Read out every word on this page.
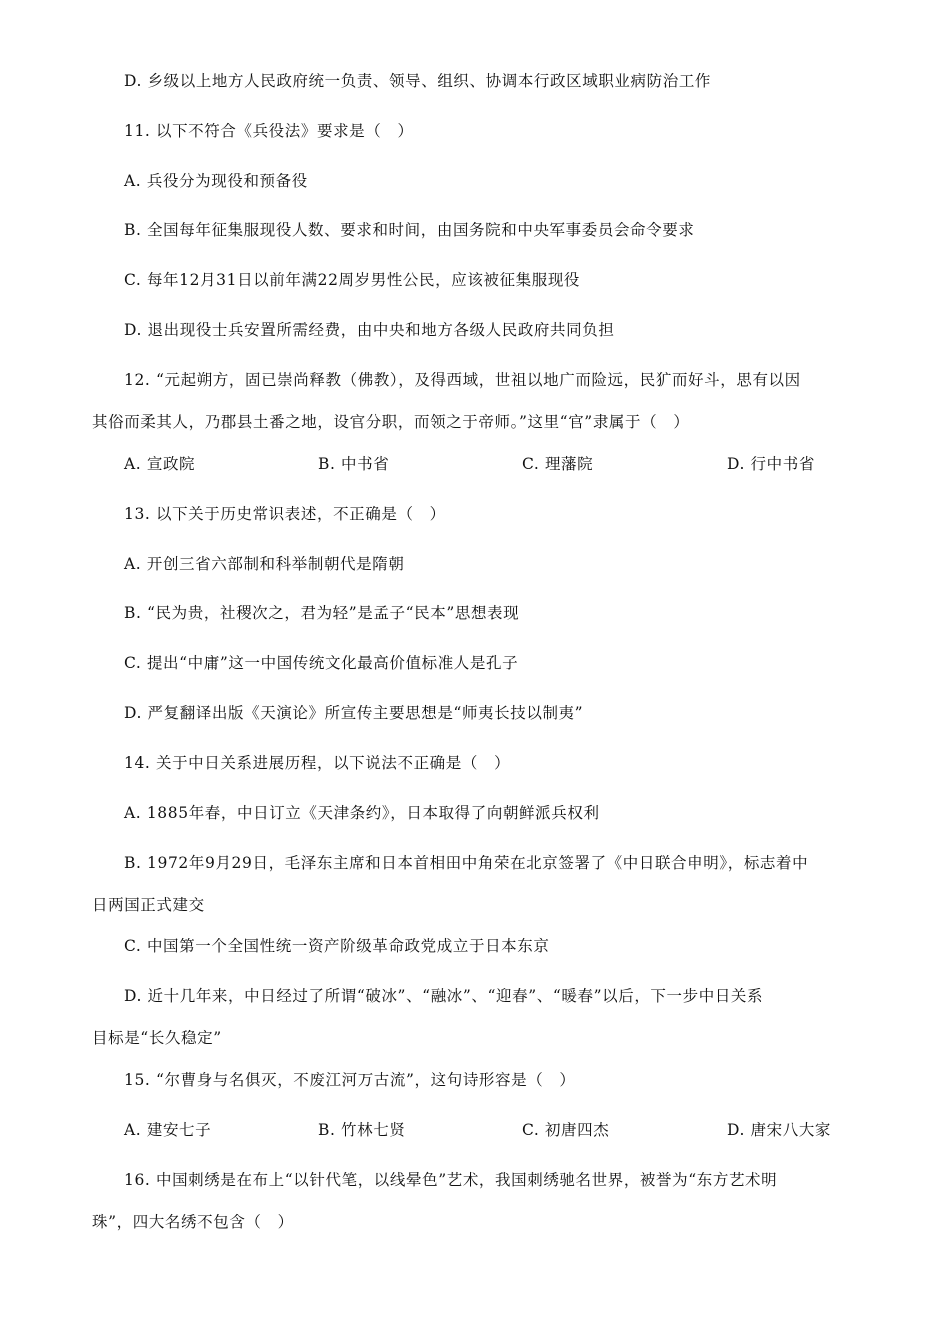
D. 乡级以上地方人民政府统一负责、领导、组织、协调本行政区域职业病防治工作
11. 以下不符合《兵役法》要求是（　）
A. 兵役分为现役和预备役
B. 全国每年征集服现役人数、要求和时间，由国务院和中央军事委员会命令要求
C. 每年12月31日以前年满22周岁男性公民，应该被征集服现役
D. 退出现役士兵安置所需经费，由中央和地方各级人民政府共同负担
12. “元起朔方，固已崇尚释教（佛教），及得西域，世祖以地广而险远，民犷而好斗，思有以因
其俗而柔其人，乃郡县土番之地，设官分职，而领之于帝师。”这里“官”隶属于（　）
A. 宣政院	B. 中书省	C. 理藩院	D. 行中书省
13. 以下关于历史常识表述，不正确是（　）
A. 开创三省六部制和科举制朝代是隋朝
B. “民为贵，社稷次之，君为轻”是孟子“民本”思想表现
C. 提出“中庸”这一中国传统文化最高价值标准人是孔子
D. 严复翻译出版《天演论》所宣传主要思想是“师夷长技以制夷”
14. 关于中日关系进展历程，以下说法不正确是（　）
A. 1885年春，中日订立《天津条约》，日本取得了向朝鲜派兵权利
B. 1972年9月29日，毛泽东主席和日本首相田中角荣在北京签署了《中日联合申明》，标志着中
日两国正式建交
C. 中国第一个全国性统一资产阶级革命政党成立于日本东京
D. 近十几年来，中日经过了所谓“破冰”、“融冰”、“迎春”、“暖春”以后，下一步中日关系
目标是“长久稳定”
15. “尔曹身与名俱灭，不废江河万古流”，这句诗形容是（　）
A. 建安七子	B. 竹林七贤	C. 初唐四杰	D. 唐宋八大家
16. 中国刺绣是在布上“以针代笔，以线晕色”艺术，我国刺绣驰名世界，被誉为“东方艺术明
珠”，四大名绣不包含（　）
